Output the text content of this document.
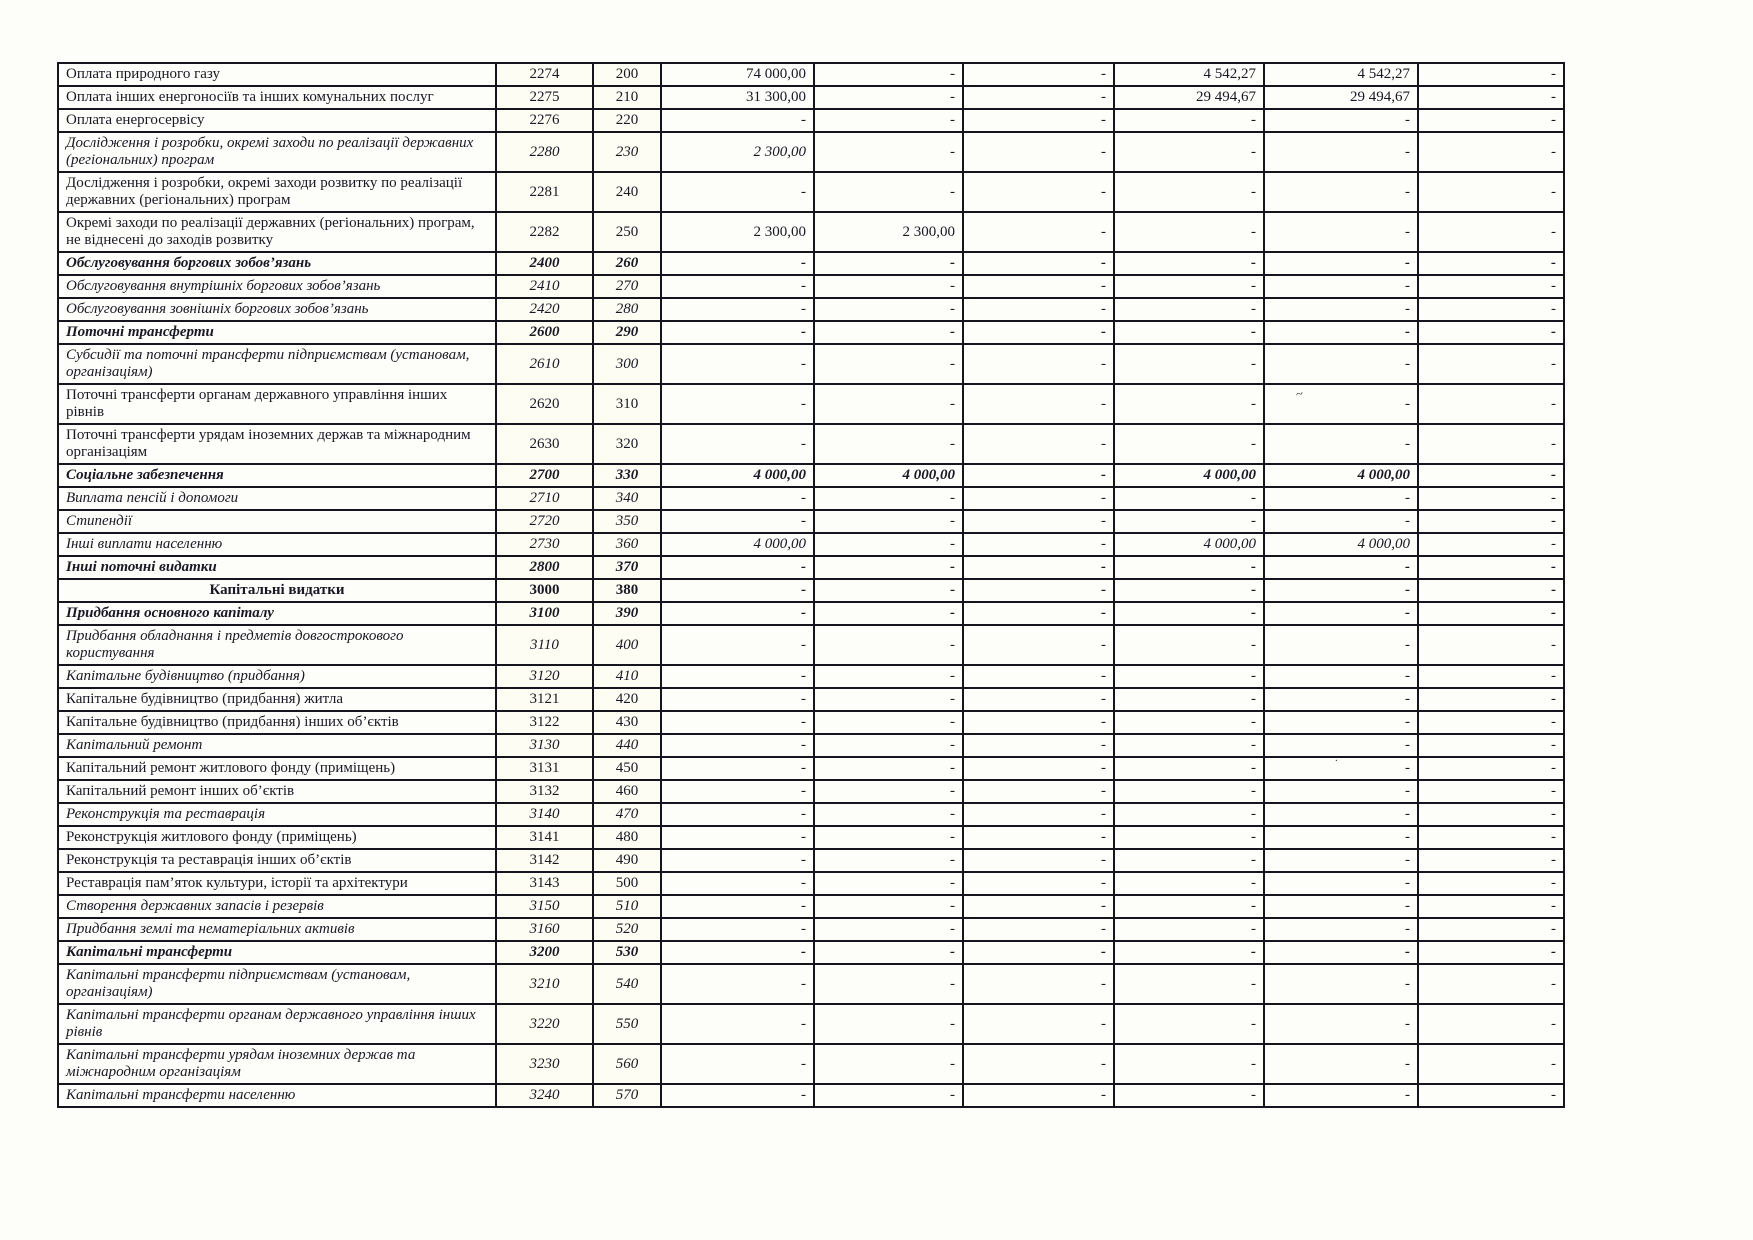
Оплата природного газу	2274	200	74 000,00	-	-	4 542,27	4 542,27	-
Оплата інших енергоносіїв та інших комунальних послуг	2275	210	31 300,00	-	-	29 494,67	29 494,67	-
Оплата енергосервісу	2276	220	-	-	-	-	-	-
Дослідження і розробки, окремі заходи по реалізації державних (регіональних) програм	2280	230	2 300,00	-	-	-	-	-
Дослідження і розробки, окремі заходи розвитку по реалізації державних (регіональних) програм	2281	240	-	-	-	-	-	-
Окремі заходи по реалізації державних (регіональних) програм, не віднесені до заходів розвитку	2282	250	2 300,00	2 300,00	-	-	-	-
Обслуговування боргових зобов’язань	2400	260	-	-	-	-	-	-
Обслуговування внутрішніх боргових зобов’язань	2410	270	-	-	-	-	-	-
Обслуговування зовнішніх боргових зобов’язань	2420	280	-	-	-	-	-	-
Поточні трансферти	2600	290	-	-	-	-	-	-
Субсидії та поточні трансферти підприємствам (установам, організаціям)	2610	300	-	-	-	-	-	-
Поточні трансферти органам державного управління інших рівнів	2620	310	-	-	-	-	-	-
Поточні трансферти урядам іноземних держав та міжнародним організаціям	2630	320	-	-	-	-	-	-
Соціальне забезпечення	2700	330	4 000,00	4 000,00	-	4 000,00	4 000,00	-
Виплата пенсій і допомоги	2710	340	-	-	-	-	-	-
Стипендії	2720	350	-	-	-	-	-	-
Інші виплати населенню	2730	360	4 000,00	-	-	4 000,00	4 000,00	-
Інші поточні видатки	2800	370	-	-	-	-	-	-
Капітальні видатки	3000	380	-	-	-	-	-	-
Придбання основного капіталу	3100	390	-	-	-	-	-	-
Придбання обладнання і предметів довгострокового користування	3110	400	-	-	-	-	-	-
Капітальне будівництво (придбання)	3120	410	-	-	-	-	-	-
Капітальне будівництво (придбання) житла	3121	420	-	-	-	-	-	-
Капітальне будівництво (придбання) інших об’єктів	3122	430	-	-	-	-	-	-
Капітальний ремонт	3130	440	-	-	-	-	-	-
Капітальний ремонт житлового фонду (приміщень)	3131	450	-	-	-	-	-	-
Капітальний ремонт інших об’єктів	3132	460	-	-	-	-	-	-
Реконструкція та реставрація	3140	470	-	-	-	-	-	-
Реконструкція житлового фонду (приміщень)	3141	480	-	-	-	-	-	-
Реконструкція та реставрація інших об’єктів	3142	490	-	-	-	-	-	-
Реставрація пам’яток культури, історії та архітектури	3143	500	-	-	-	-	-	-
Створення державних запасів і резервів	3150	510	-	-	-	-	-	-
Придбання землі та нематеріальних активів	3160	520	-	-	-	-	-	-
Капітальні трансферти	3200	530	-	-	-	-	-	-
Капітальні трансферти підприємствам (установам, організаціям)	3210	540	-	-	-	-	-	-
Капітальні трансферти органам державного управління інших рівнів	3220	550	-	-	-	-	-	-
Капітальні трансферти урядам іноземних держав та міжнародним організаціям	3230	560	-	-	-	-	-	-
Капітальні трансферти населенню	3240	570	-	-	-	-	-	-
~
.
